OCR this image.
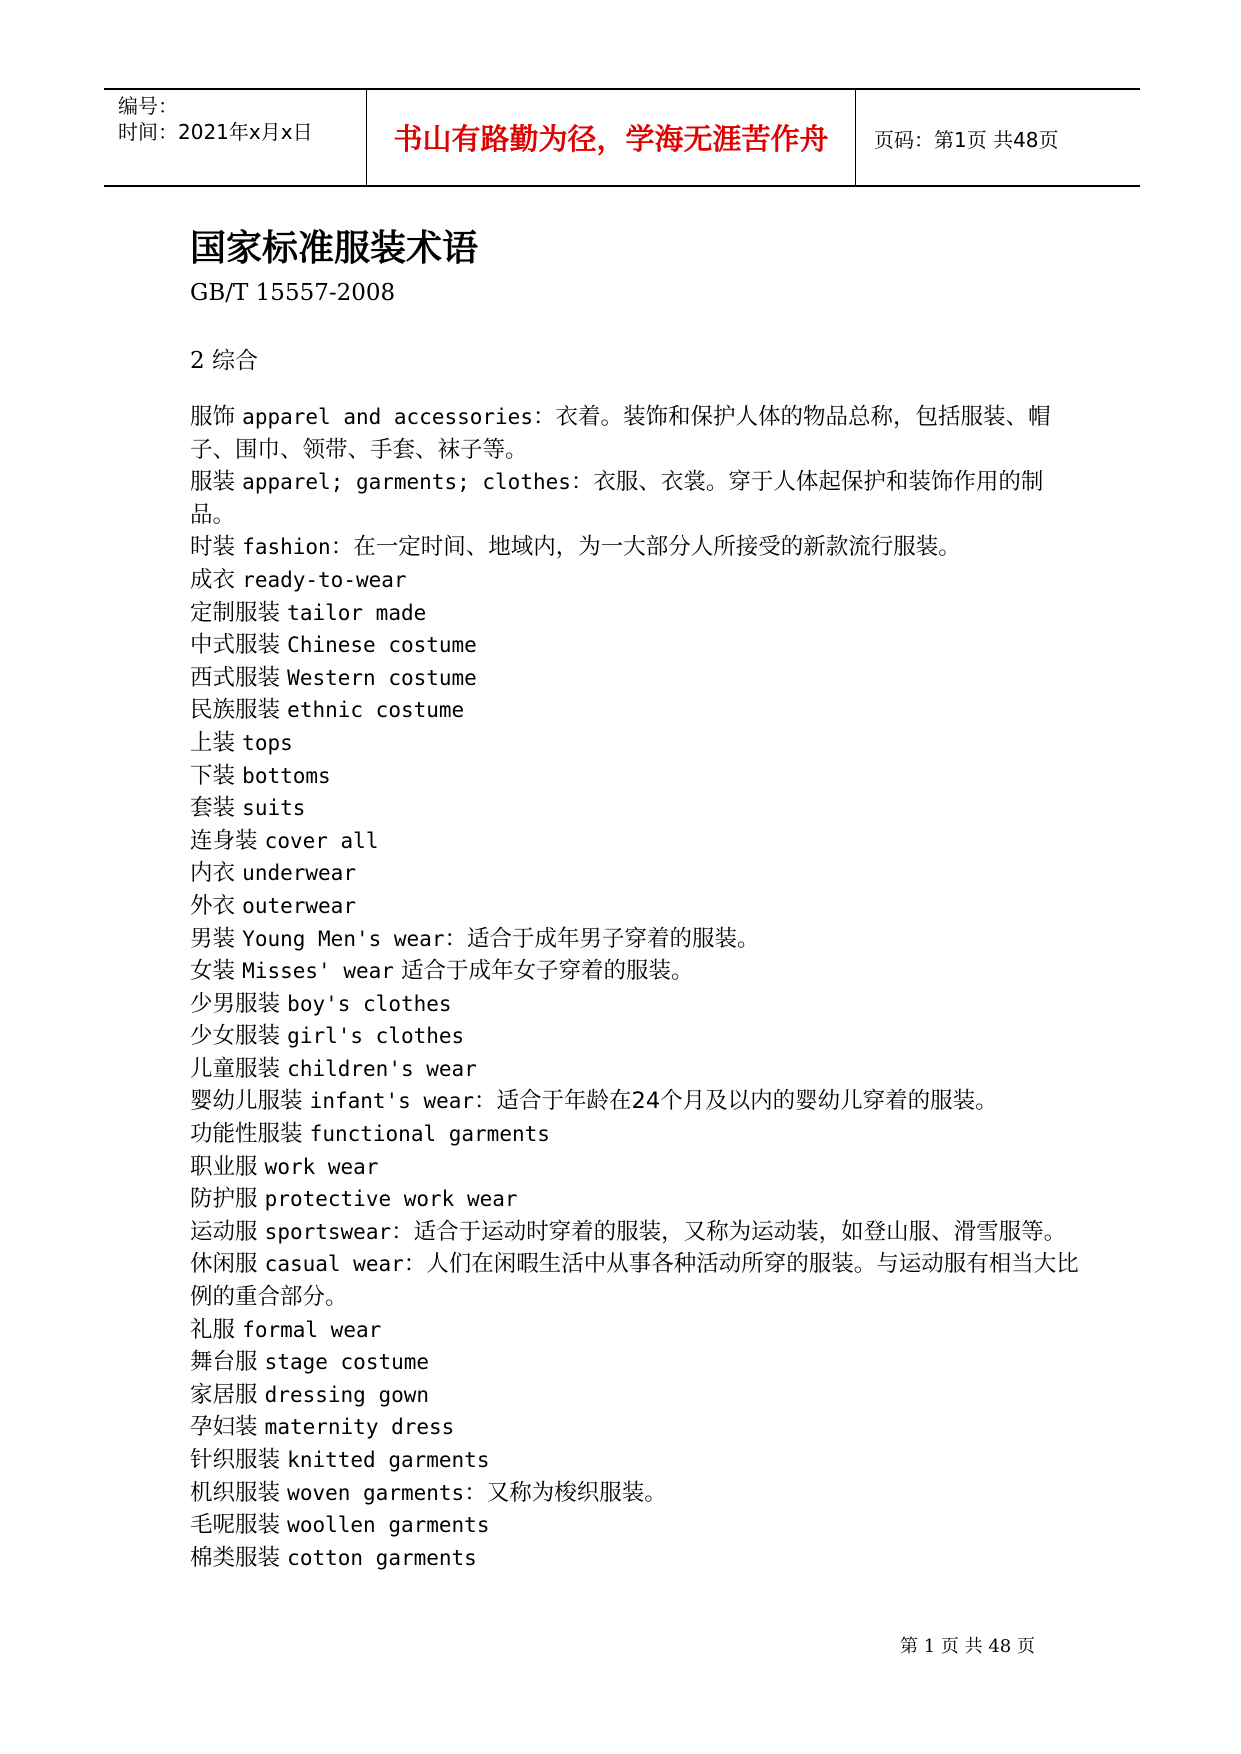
编号：
时间：2021年x月x日	书山有路勤为径，学海无涯苦作舟	页码：第1页 共48页
国家标准服装术语
GB/T 15557-2008
2 综合
服饰 apparel and accessories：衣着。装饰和保护人体的物品总称，包括服装、帽子、围巾、领带、手套、袜子等。
服装 apparel; garments; clothes：衣服、衣裳。穿于人体起保护和装饰作用的制品。
时装 fashion：在一定时间、地域内，为一大部分人所接受的新款流行服装。
成衣 ready-to-wear
定制服装 tailor made
中式服装 Chinese costume
西式服装 Western costume
民族服装 ethnic costume
上装 tops
下装 bottoms
套装 suits
连身装 cover all
内衣 underwear
外衣 outerwear
男装 Young Men's wear：适合于成年男子穿着的服装。
女装 Misses' wear 适合于成年女子穿着的服装。
少男服装 boy's clothes
少女服装 girl's clothes
儿童服装 children's wear
婴幼儿服装 infant's wear：适合于年龄在24个月及以内的婴幼儿穿着的服装。
功能性服装 functional garments
职业服 work wear
防护服 protective work wear
运动服 sportswear：适合于运动时穿着的服装，又称为运动装，如登山服、滑雪服等。
休闲服 casual wear：人们在闲暇生活中从事各种活动所穿的服装。与运动服有相当大比例的重合部分。
礼服 formal wear
舞台服 stage costume
家居服 dressing gown
孕妇装 maternity dress
针织服装 knitted garments
机织服装 woven garments：又称为梭织服装。
毛呢服装 woollen garments
棉类服装 cotton garments
第 1 页 共 48 页
